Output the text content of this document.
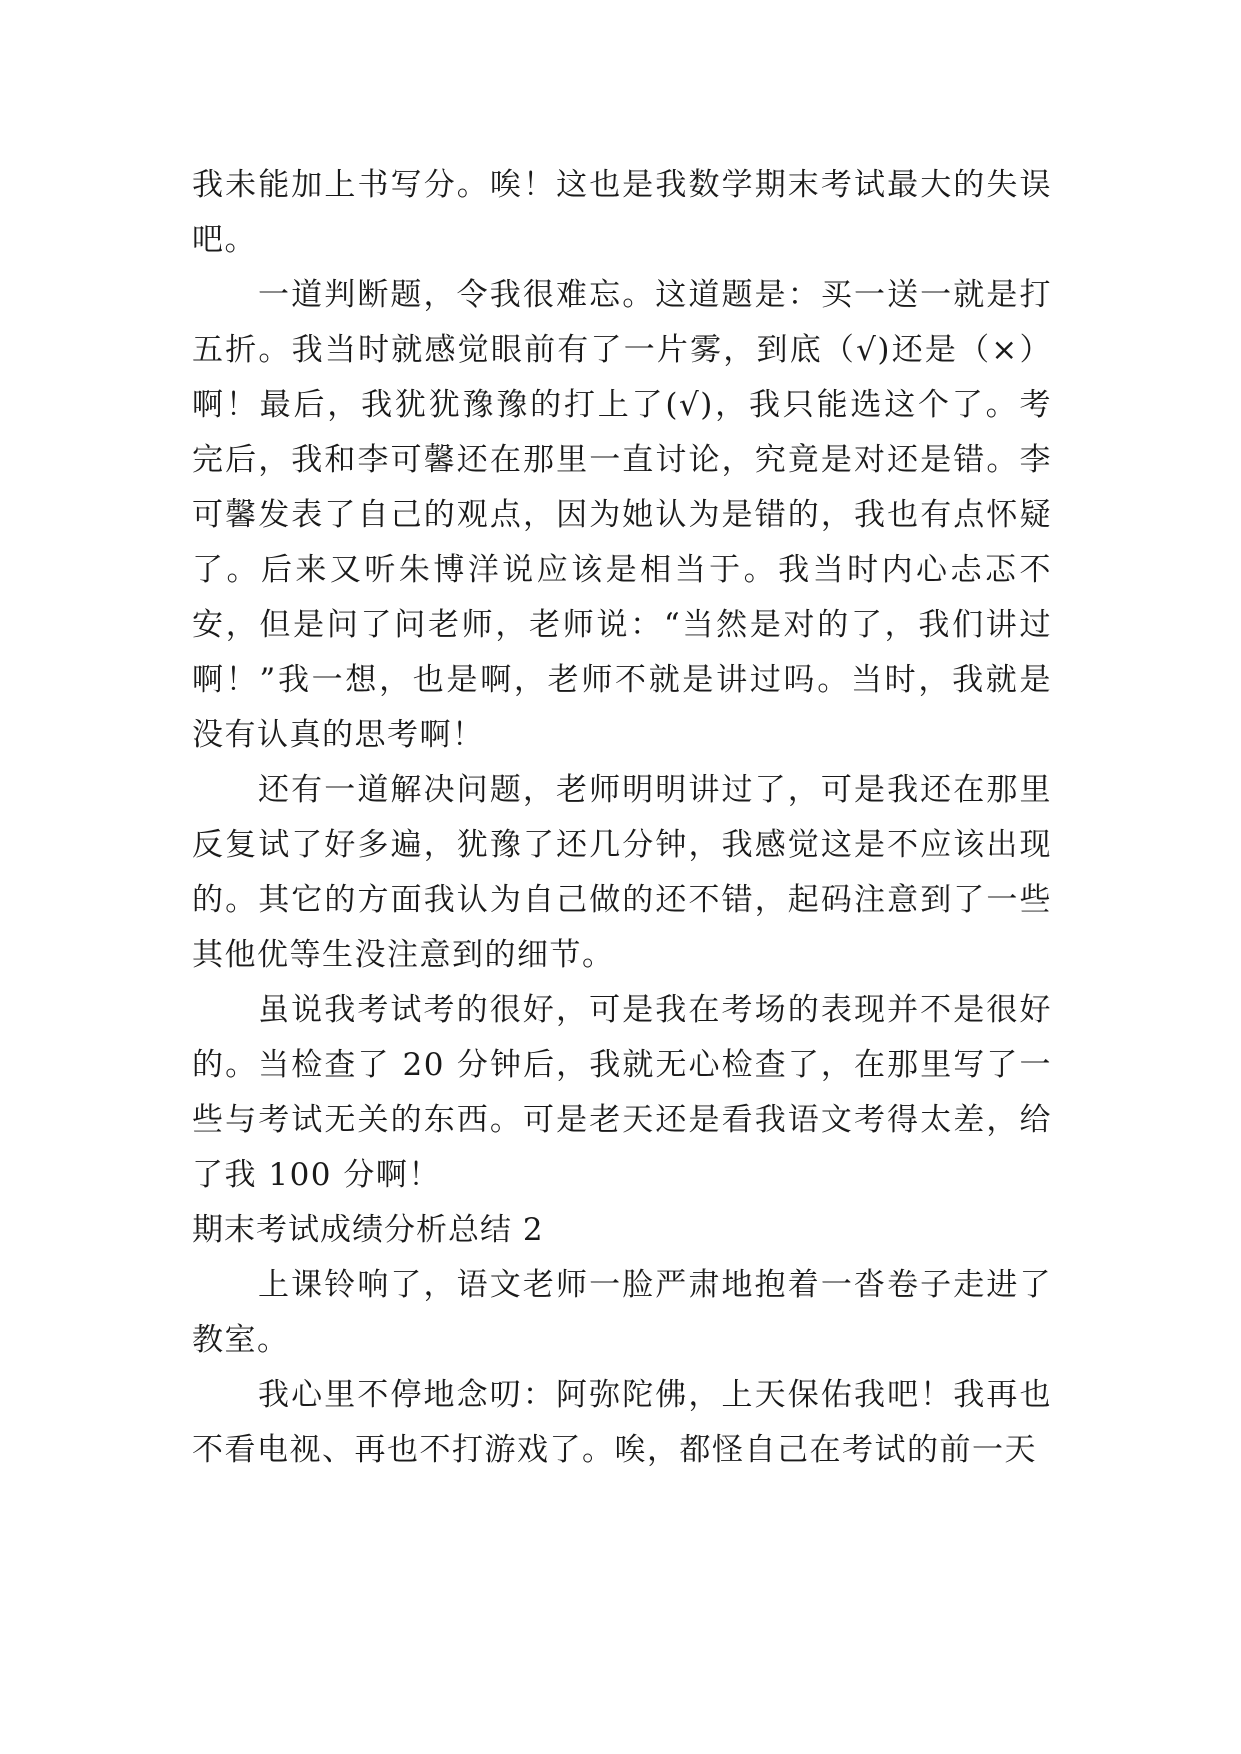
我未能加上书写分。唉！这也是我数学期末考试最大的失误吧。

一道判断题，令我很难忘。这道题是：买一送一就是打五折。我当时就感觉眼前有了一片雾，到底（√)还是（×）啊！最后，我犹犹豫豫的打上了(√)，我只能选这个了。考完后，我和李可馨还在那里一直讨论，究竟是对还是错。李可馨发表了自己的观点，因为她认为是错的，我也有点怀疑了。后来又听朱博洋说应该是相当于。我当时内心忐忑不安，但是问了问老师，老师说：“当然是对的了，我们讲过啊！”我一想，也是啊，老师不就是讲过吗。当时，我就是没有认真的思考啊！

还有一道解决问题，老师明明讲过了，可是我还在那里反复试了好多遍，犹豫了还几分钟，我感觉这是不应该出现的。其它的方面我认为自己做的还不错，起码注意到了一些其他优等生没注意到的细节。

虽说我考试考的很好，可是我在考场的表现并不是很好的。当检查了 20 分钟后，我就无心检查了，在那里写了一些与考试无关的东西。可是老天还是看我语文考得太差，给了我 100 分啊！

期末考试成绩分析总结 2

上课铃响了，语文老师一脸严肃地抱着一沓卷子走进了教室。

我心里不停地念叨：阿弥陀佛，上天保佑我吧！我再也不看电视、再也不打游戏了。唉，都怪自己在考试的前一天
